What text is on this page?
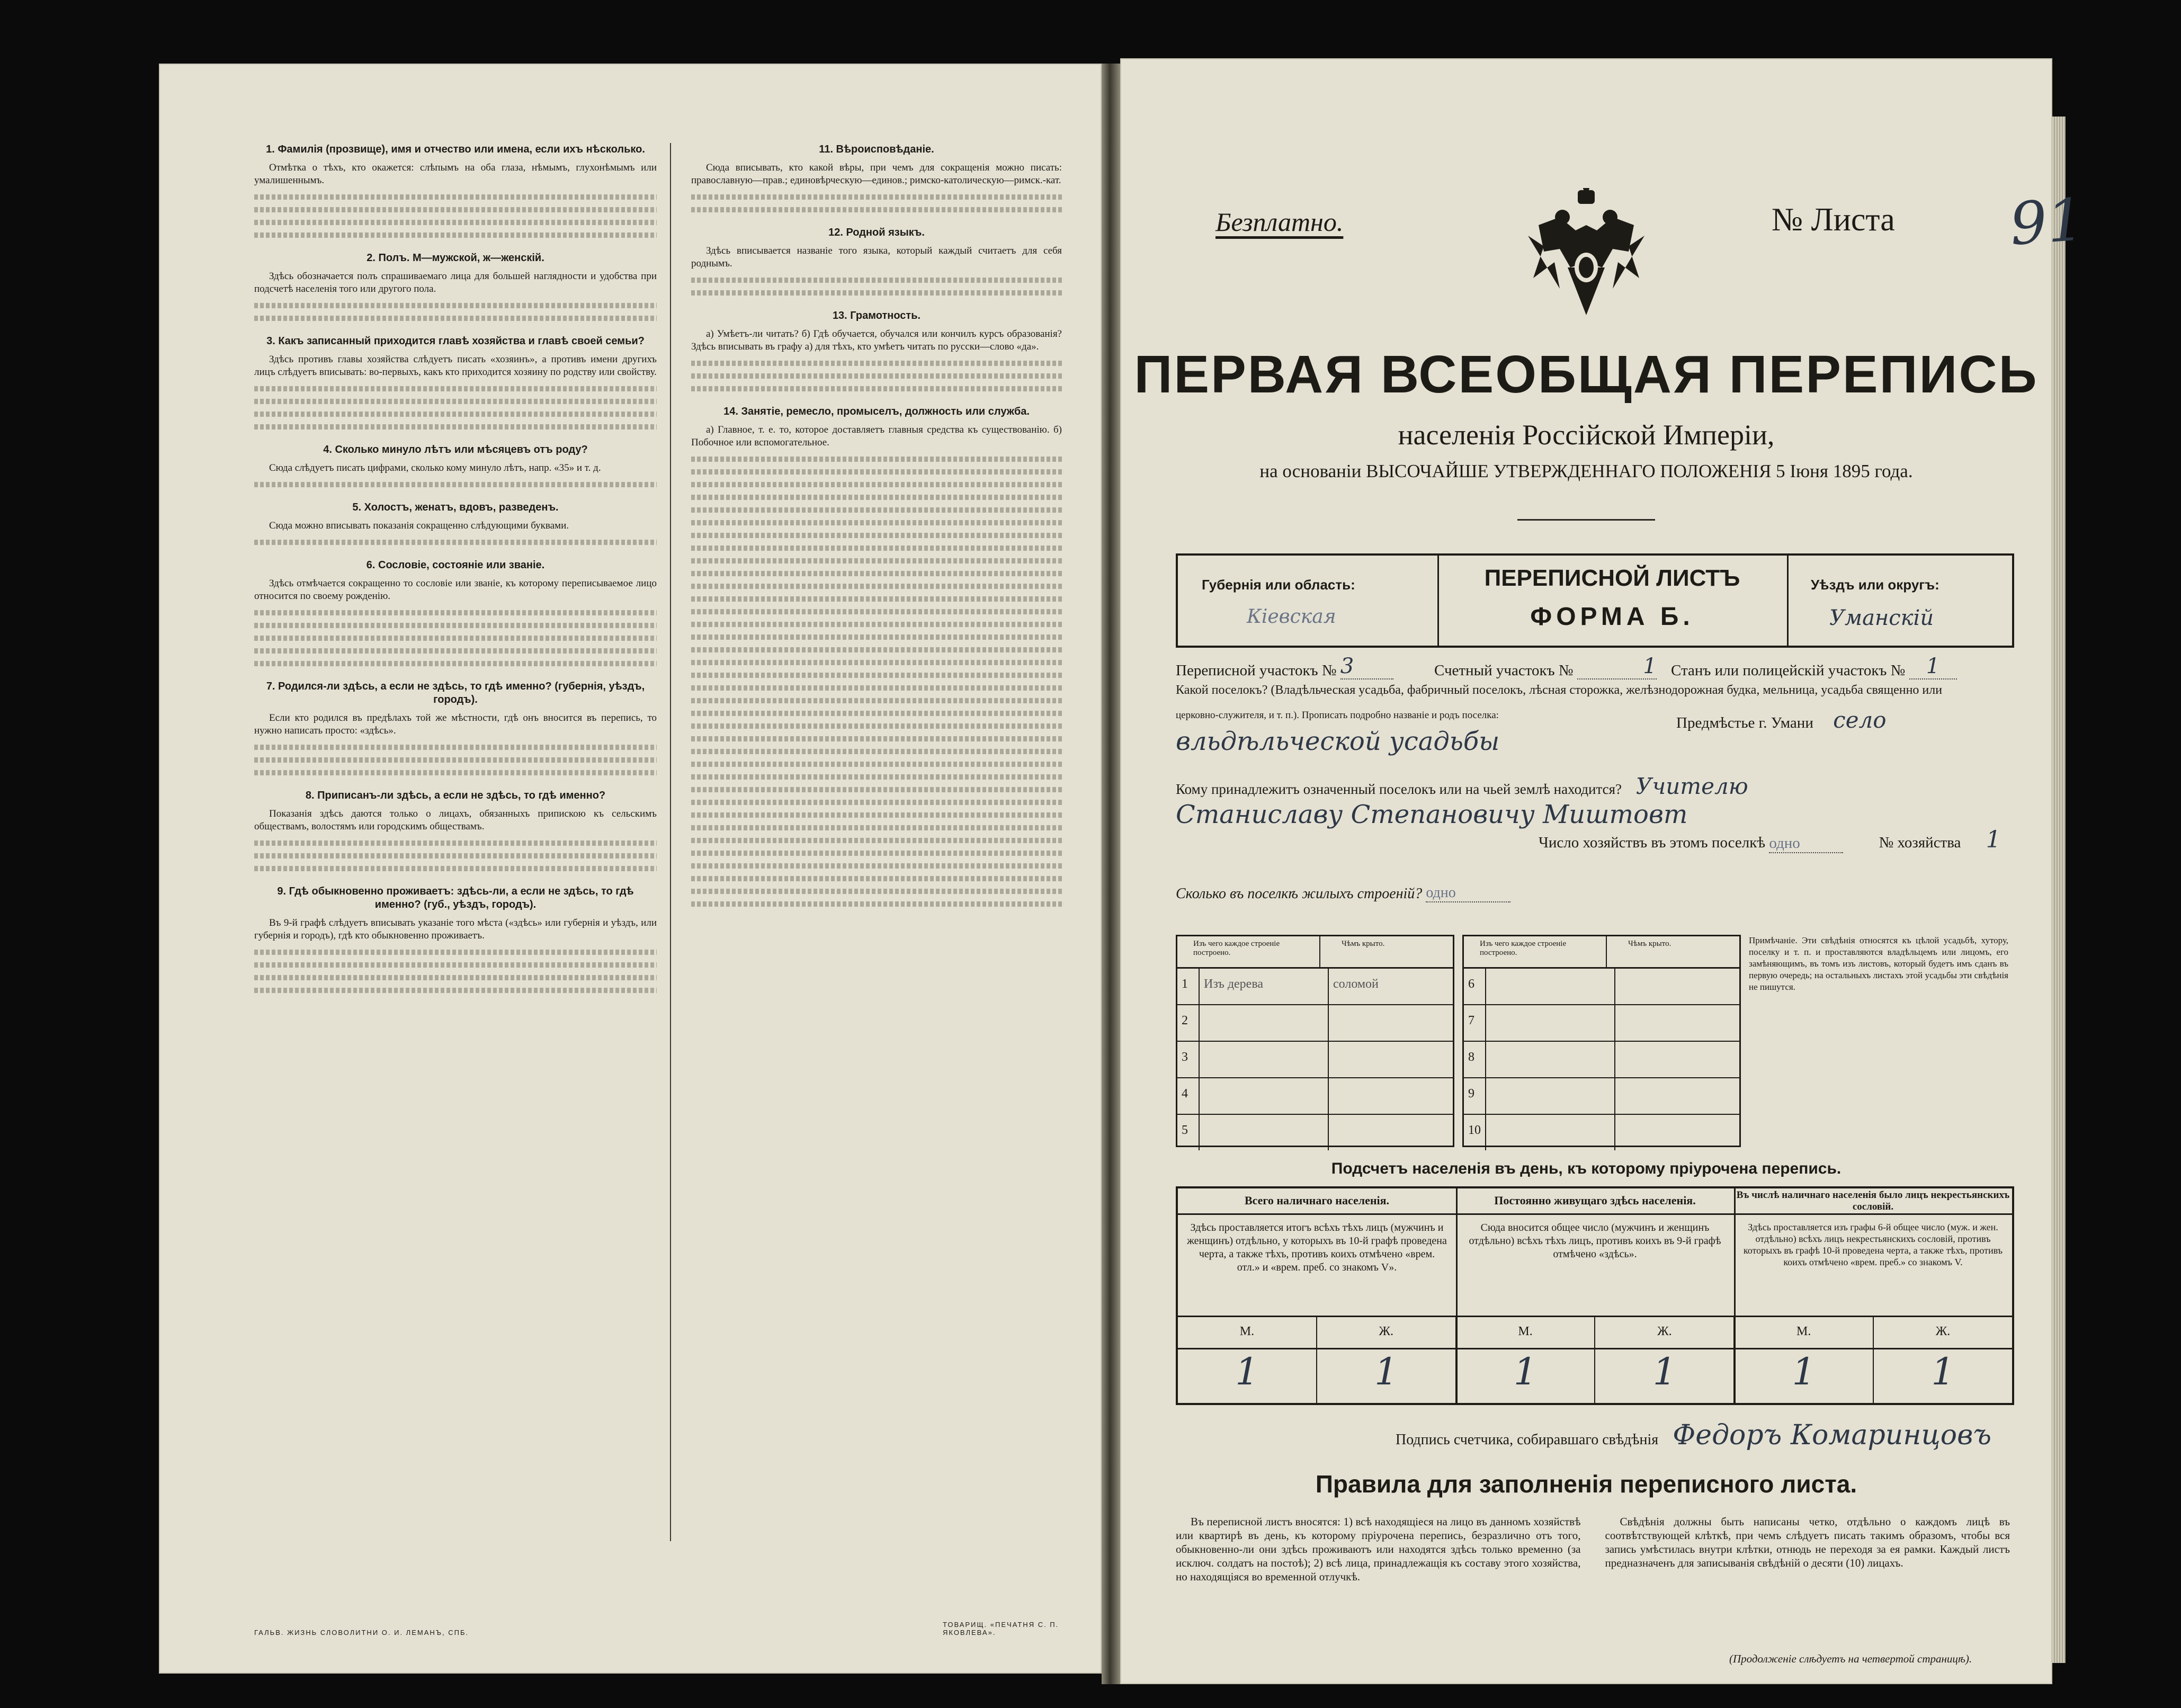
1. Фамилія (прозвище), имя и отчество или имена, если ихъ нѣсколько.
Отмѣтка о тѣхъ, кто окажется: слѣпымъ на оба глаза, нѣмымъ, глухонѣмымъ или умалишеннымъ.
2. Полъ. М—мужской, ж—женскій.
Здѣсь обозначается полъ спрашиваемаго лица для большей наглядности и удобства при подсчетѣ населенія того или другого пола.
3. Какъ записанный приходится главѣ хозяйства и главѣ своей семьи?
Здѣсь противъ главы хозяйства слѣдуетъ писать «хозяинъ», а противъ имени другихъ лицъ слѣдуетъ вписывать: во-первыхъ, какъ кто приходится хозяину по родству или свойству.
4. Сколько минуло лѣтъ или мѣсяцевъ отъ роду?
Сюда слѣдуетъ писать цифрами, сколько кому минуло лѣтъ, напр. «35» и т. д.
5. Холостъ, женатъ, вдовъ, разведенъ.
Сюда можно вписывать показанія сокращенно слѣдующими буквами.
6. Сословіе, состояніе или званіе.
Здѣсь отмѣчается сокращенно то сословіе или званіе, къ которому переписываемое лицо относится по своему рожденію.
7. Родился-ли здѣсь, а если не здѣсь, то гдѣ именно? (губернія, уѣздъ, городъ).
Если кто родился въ предѣлахъ той же мѣстности, гдѣ онъ вносится въ перепись, то нужно написать просто: «здѣсь».
8. Приписанъ-ли здѣсь, а если не здѣсь, то гдѣ именно?
Показанія здѣсь даются только о лицахъ, обязанныхъ припискою къ сельскимъ обществамъ, волостямъ или городскимъ обществамъ.
9. Гдѣ обыкновенно проживаетъ: здѣсь-ли, а если не здѣсь, то гдѣ именно? (губ., уѣздъ, городъ).
Въ 9-й графѣ слѣдуетъ вписывать указаніе того мѣста («здѣсь» или губернія и уѣздъ, или губернія и городъ), гдѣ кто обыкновенно проживаетъ.
11. Вѣроисповѣданіе.
Сюда вписывать, кто какой вѣры, при чемъ для сокращенія можно писать: православную—прав.; единовѣрческую—единов.; римско-католическую—римск.-кат.
12. Родной языкъ.
Здѣсь вписывается названіе того языка, который каждый считаетъ для себя роднымъ.
13. Грамотность.
а) Умѣетъ-ли читать? б) Гдѣ обучается, обучался или кончилъ курсъ образованія? Здѣсь вписывать въ графу а) для тѣхъ, кто умѣетъ читать по русски—слово «да».
14. Занятіе, ремесло, промыселъ, должность или служба.
а) Главное, т. е. то, которое доставляетъ главныя средства къ существованію. б) Побочное или вспомогательное.
ГАЛЬВ. ЖИЗНЬ СЛОВОЛИТНИ О. И. ЛЕМАНЪ, СПБ.
ТОВАРИЩ. «ПЕЧАТНЯ С. П. ЯКОВЛЕВА».
Безплатно.	№ Листа 91
ПЕРВАЯ ВСЕОБЩАЯ ПЕРЕПИСЬ
населенія Россійской Имперіи,
на основаніи ВЫСОЧАЙШЕ УТВЕРЖДЕННАГО ПОЛОЖЕНІЯ 5 Іюня 1895 года.
Губернія или область:
Кіевская
ПЕРЕПИСНОЙ ЛИСТЪ
ФОРМА Б.
Уѣздъ или округъ:
Уманскій
Переписной участокъ № 3	Счетный участокъ №	1 Станъ или полицейскій участокъ № 1
Какой поселокъ? (Владѣльческая усадьба, фабричный поселокъ, лѣсная сторожка, желѣзнодорожная будка, мельница, усадьба священно или
церковно-служителя, и т. п.). Прописать подробно названіе и родъ поселка:	Предмѣстье г. Умани село
вльдѣльческой усадьбы
Кому принадлежитъ означенный поселокъ или на чьей землѣ находится? Учителю
Станиславу Степановичу Миштовт
Число хозяйствъ въ этомъ поселкѣ одно	№ хозяйства 1
Сколько въ поселкѣ жилыхъ строеній? одно
Изъ чего каждое строеніе построено.
Чѣмъ крыто.
1	Изъ дерева	соломой
2
3
4
5
Изъ чего каждое строеніе построено.
Чѣмъ крыто.
6
7
8
9
10
Примѣчаніе. Эти свѣдѣнія относятся къ цѣлой усадьбѣ, хутору, поселку и т. п. и проставляются владѣльцемъ или лицомъ, его замѣняющимъ, въ томъ изъ листовъ, который будетъ имъ сданъ въ первую очередь; на остальныхъ листахъ этой усадьбы эти свѣдѣнія не пишутся.
Подсчетъ населенія въ день, къ которому пріурочена перепись.
Всего наличнаго населенія.
Здѣсь проставляется итогъ всѣхъ тѣхъ лицъ (мужчинъ и женщинъ) отдѣльно, у которыхъ въ 10-й графѣ проведена черта, а также тѣхъ, противъ коихъ отмѣчено «врем. отл.» и «врем. преб. со знакомъ V».
Постоянно живущаго здѣсь населенія.
Сюда вносится общее число (мужчинъ и женщинъ отдѣльно) всѣхъ тѣхъ лицъ, противъ коихъ въ 9-й графѣ отмѣчено «здѣсь».
Въ числѣ наличнаго населенія было лицъ некрестьянскихъ сословій.
Здѣсь проставляется изъ графы 6-й общее число (муж. и жен. отдѣльно) всѣхъ лицъ некрестьянскихъ сословій, противъ которыхъ въ графѣ 10-й проведена черта, а также тѣхъ, противъ коихъ отмѣчено «врем. преб.» со знакомъ V.
М.	Ж.	М.	Ж.	М.	Ж.
1	1	1	1	1	1
Подпись счетчика, собиравшаго свѣдѣнія Федоръ Комаринцовъ
Правила для заполненія переписного листа.

Въ переписной листъ вносятся: 1) всѣ находящіеся на лицо въ данномъ хозяйствѣ или квартирѣ въ день, къ которому пріурочена перепись, безразлично отъ того, обыкновенно-ли они здѣсь проживаютъ или находятся здѣсь только временно (за исключ. солдатъ на постоѣ); 2) всѣ лица, принадлежащія къ составу этого хозяйства, но находящіяся во временной отлучкѣ.

Свѣдѣнія должны быть написаны четко, отдѣльно о каждомъ лицѣ въ соотвѣтствующей клѣткѣ, при чемъ слѣдуетъ писать такимъ образомъ, чтобы вся запись умѣстилась внутри клѣтки, отнюдь не переходя за ея рамки. Каждый листъ предназначенъ для записыванія свѣдѣній о десяти (10) лицахъ.

(Продолженіе слѣдуетъ на четвертой страницѣ).
